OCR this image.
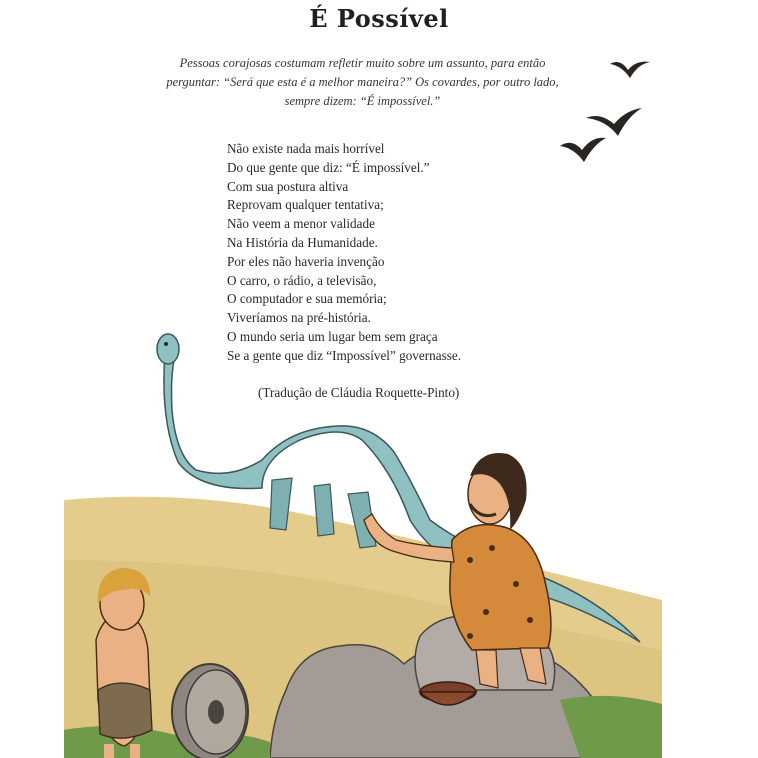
É Possível
Pessoas corajosas costumam refletir muito sobre um assunto, para então
perguntar: “Será que esta é a melhor maneira?” Os covardes, por outro lado,
sempre dizem: “É impossível.”
Não existe nada mais horrível
Do que gente que diz: “É impossível.”
Com sua postura altiva
Reprovam qualquer tentativa;
Não veem a menor validade
Na História da Humanidade.
Por eles não haveria invenção
O carro, o rádio, a televisão,
O computador e sua memória;
Viveríamos na pré-história.
O mundo seria um lugar bem sem graça
Se a gente que diz “Impossível” governasse.
(Tradução de Cláudia Roquette-Pinto)
